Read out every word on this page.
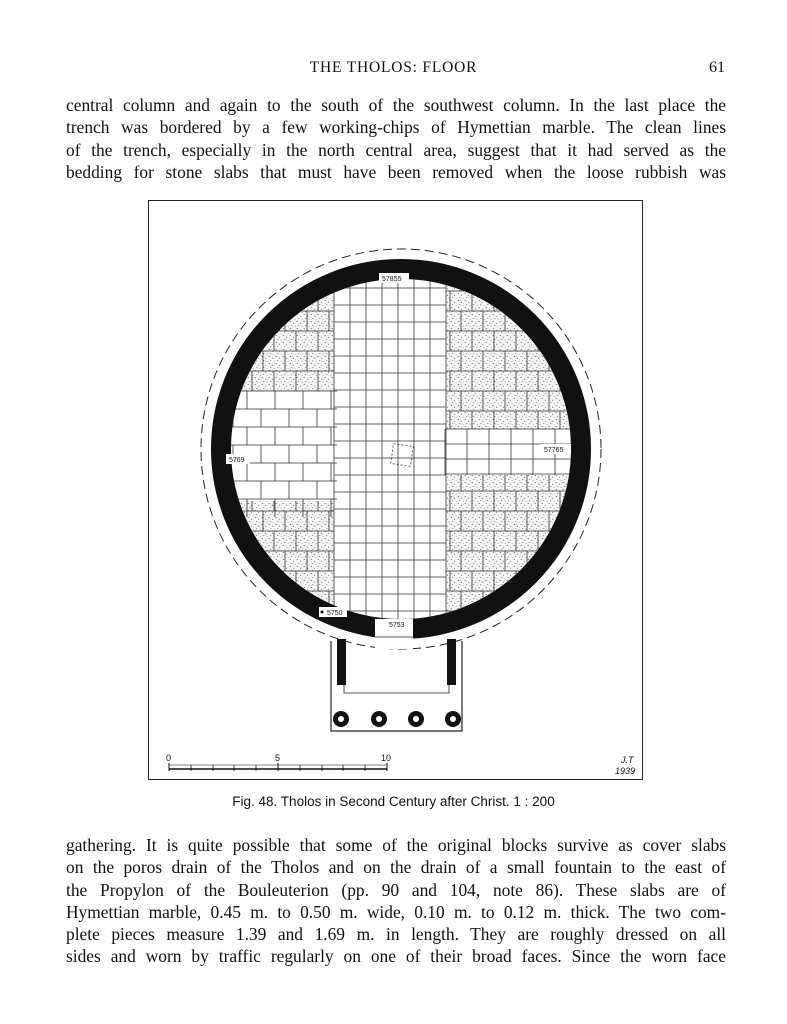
THE THOLOS: FLOOR	61
central column and again to the south of the southwest column. In the last place the
trench was bordered by a few working-chips of Hymettian marble. The clean lines
of the trench, especially in the north central area, suggest that it had served as the
bedding for stone slabs that must have been removed when the loose rubbish was
57855
57765
5769
5750
5753
0	5	10	J.T
1939
Fig. 48. Tholos in Second Century after Christ. 1 : 200
gathering. It is quite possible that some of the original blocks survive as cover slabs
on the poros drain of the Tholos and on the drain of a small fountain to the east of
the Propylon of the Bouleuterion (pp. 90 and 104, note 86). These slabs are of
Hymettian marble, 0.45 m. to 0.50 m. wide, 0.10 m. to 0.12 m. thick. The two com-
plete pieces measure 1.39 and 1.69 m. in length. They are roughly dressed on all
sides and worn by traffic regularly on one of their broad faces. Since the worn face
